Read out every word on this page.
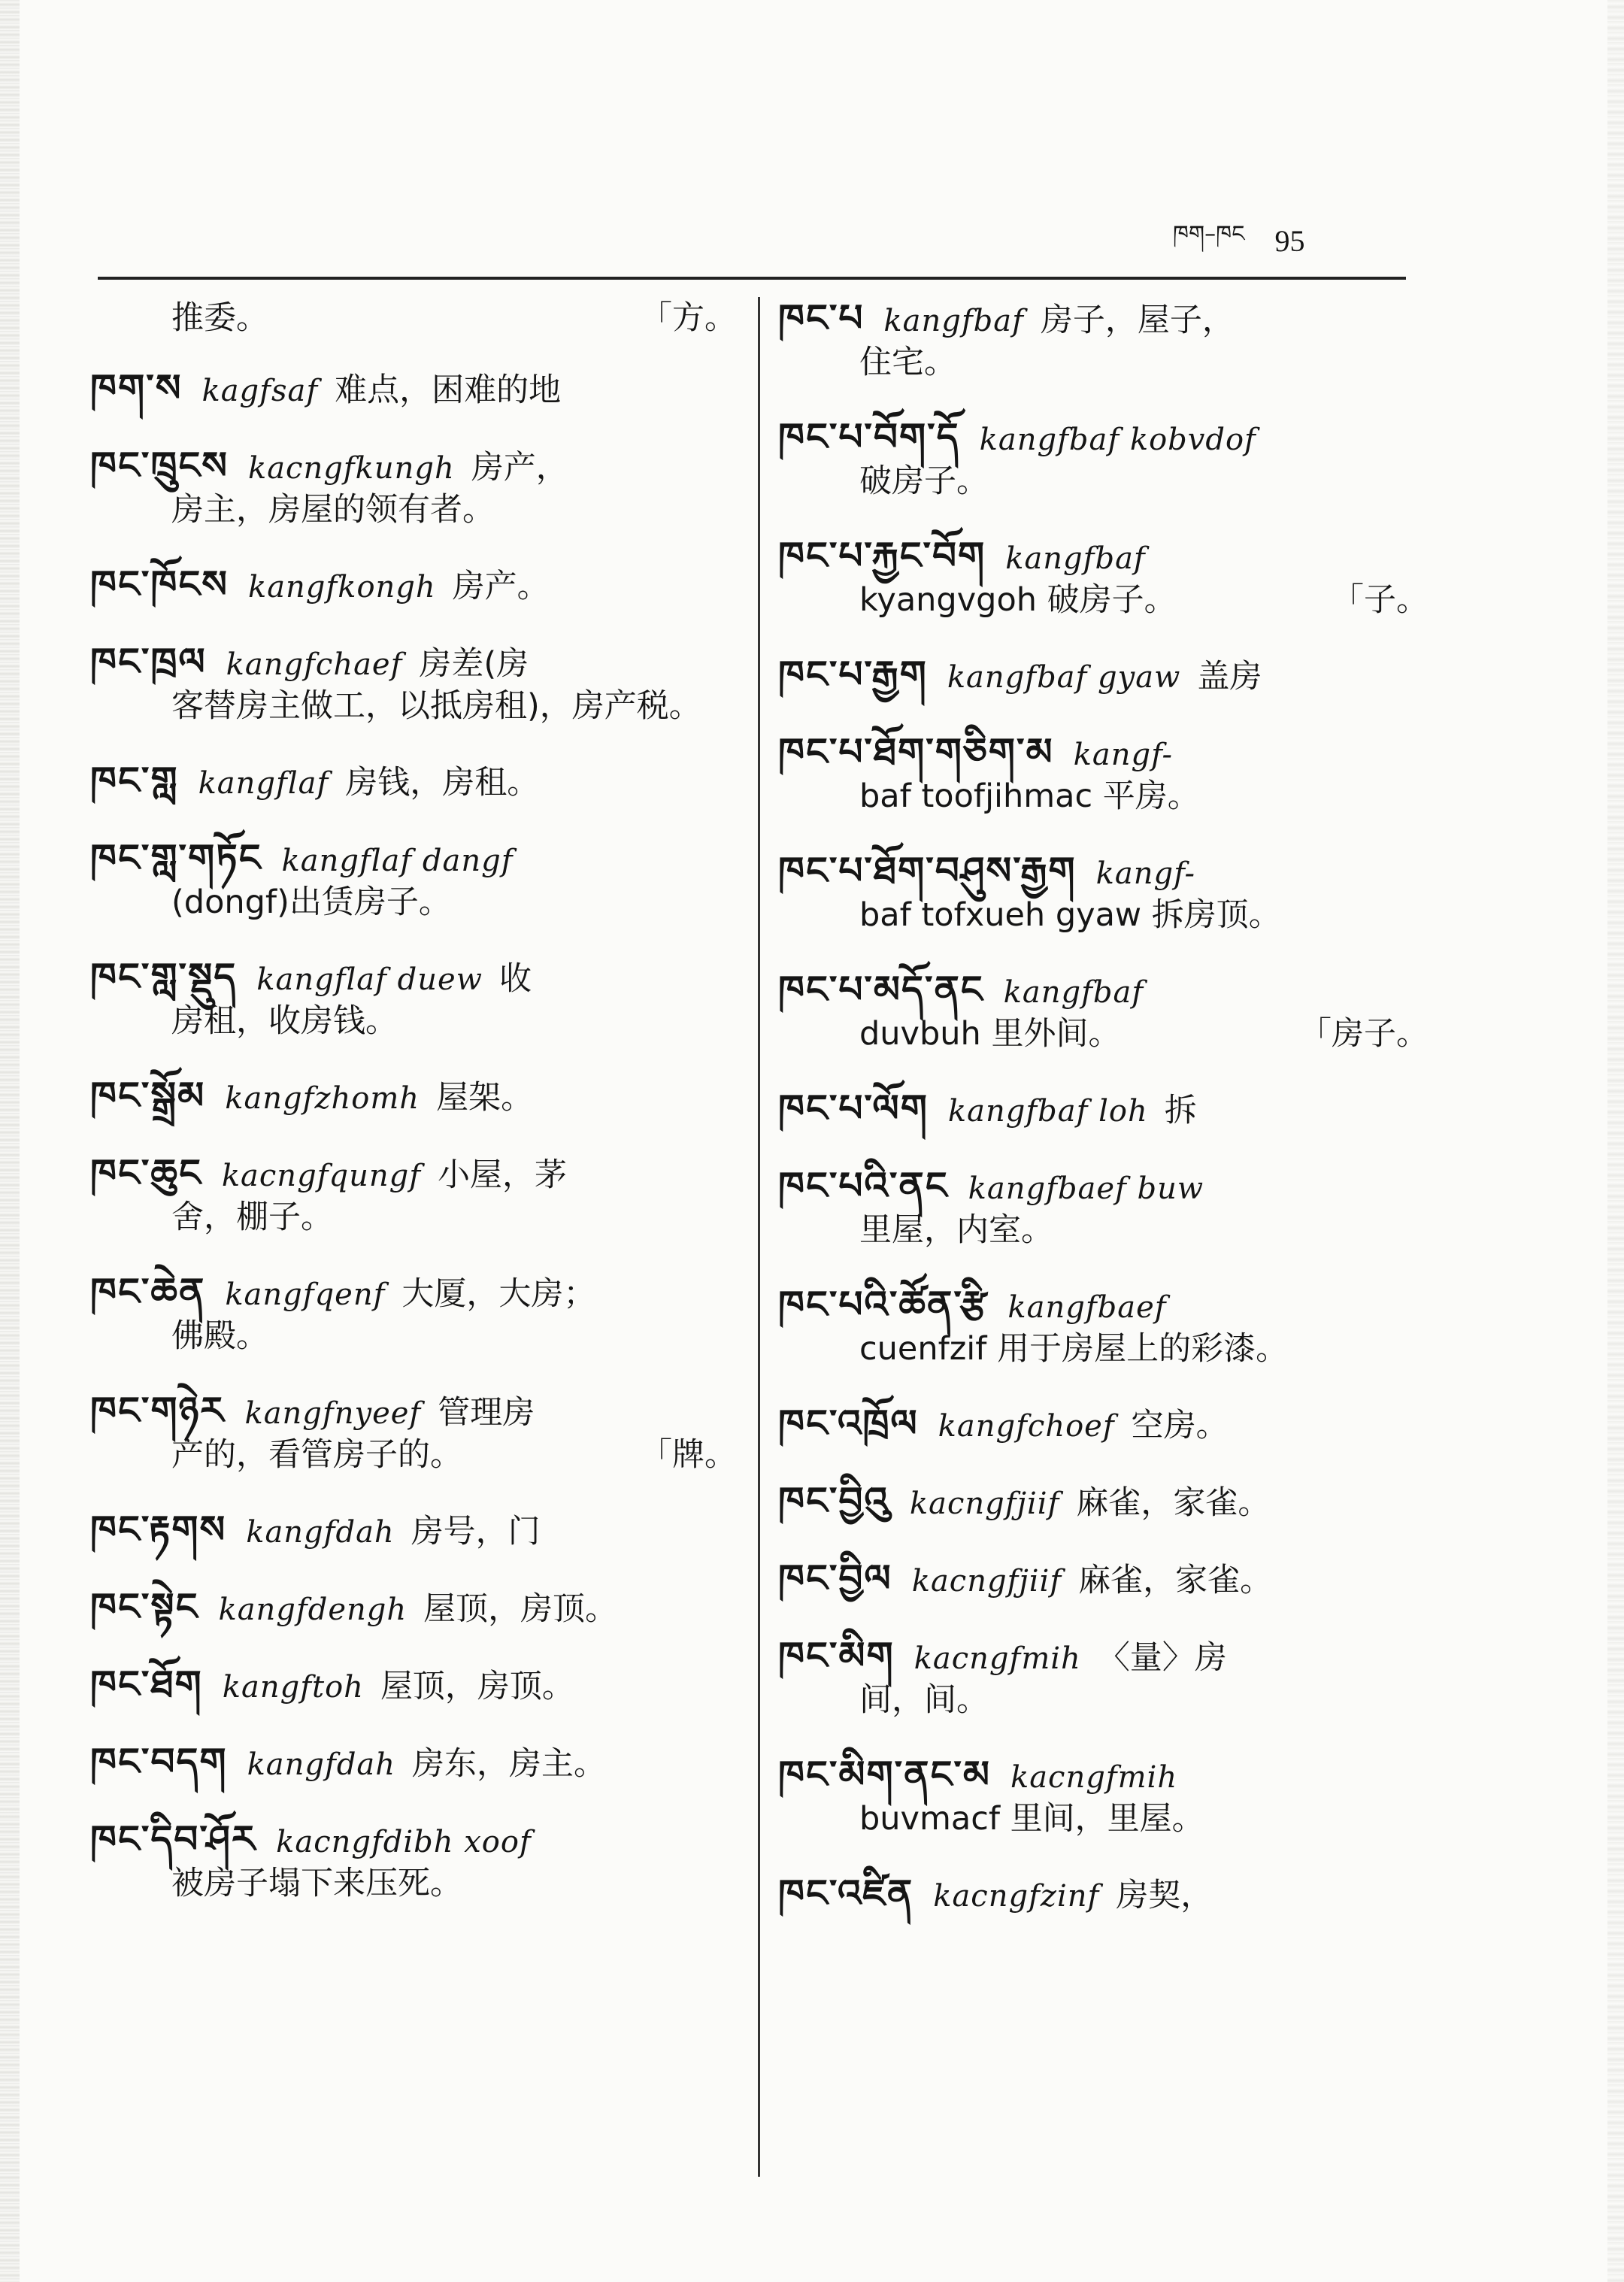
ཁག–ཁང 95
推委。	「方。
ཁག་ས kagfsaf 难点，困难的地
ཁང་ཁྲུངས kacngfkungh 房产，
房主，房屋的领有者。
ཁང་ཁོངས kangfkongh 房产。
ཁང་ཁྲལ kangfchaef 房差(房
客替房主做工，以抵房租)，房产税。
ཁང་གླ kangflaf 房钱，房租。
ཁང་གླ་གཏོང kangflaf dangf
(dongf)出赁房子。
ཁང་གླ་སྡུད kangflaf duew 收
房租，收房钱。
ཁང་སྒྲོམ kangfzhomh 屋架。
ཁང་ཆུང kacngfqungf 小屋，茅
舍，棚子。
ཁང་ཆེན kangfqenf 大厦，大房；
佛殿。
ཁང་གཉེར kangfnyeef 管理房
产的，看管房子的。	「牌。
ཁང་རྟགས kangfdah 房号，门
ཁང་སྟེང kangfdengh 屋顶，房顶。
ཁང་ཐོག kangftoh 屋顶，房顶。
ཁང་བདག kangfdah 房东，房主。
ཁང་དིབ་ཤོར kacngfdibh xoof
被房子塌下来压死。
ཁང་པ kangfbaf 房子，屋子，
住宅。
ཁང་པ་བོག་དོ kangfbaf kobvdof
破房子。
ཁང་པ་རྐྱང་བོག kangfbaf
kyangvgoh 破房子。	「子。
ཁང་པ་རྒྱག kangfbaf gyaw 盖房
ཁང་པ་ཐོག་གཅིག་མ kangf-
baf toofjihmac 平房。
ཁང་པ་ཐོག་བཤུས་རྒྱག kangf-
baf tofxueh gyaw 拆房顶。
ཁང་པ་མདོ་ནང kangfbaf
duvbuh 里外间。	「房子。
ཁང་པ་ལོག kangfbaf loh 拆
ཁང་པའི་ནང kangfbaef buw
里屋，内室。
ཁང་པའི་ཚོན་རྩི kangfbaef
cuenfzif 用于房屋上的彩漆。
ཁང་འཁྲོལ kangfchoef 空房。
ཁང་བྱིའུ kacngfjiif 麻雀，家雀。
ཁང་བྱིལ kacngfjiif 麻雀，家雀。
ཁང་མིག kacngfmih 〈量〉房
间，间。
ཁང་མིག་ནང་མ kacngfmih
buvmacf 里间，里屋。
ཁང་འཛིན kacngfzinf 房契，
